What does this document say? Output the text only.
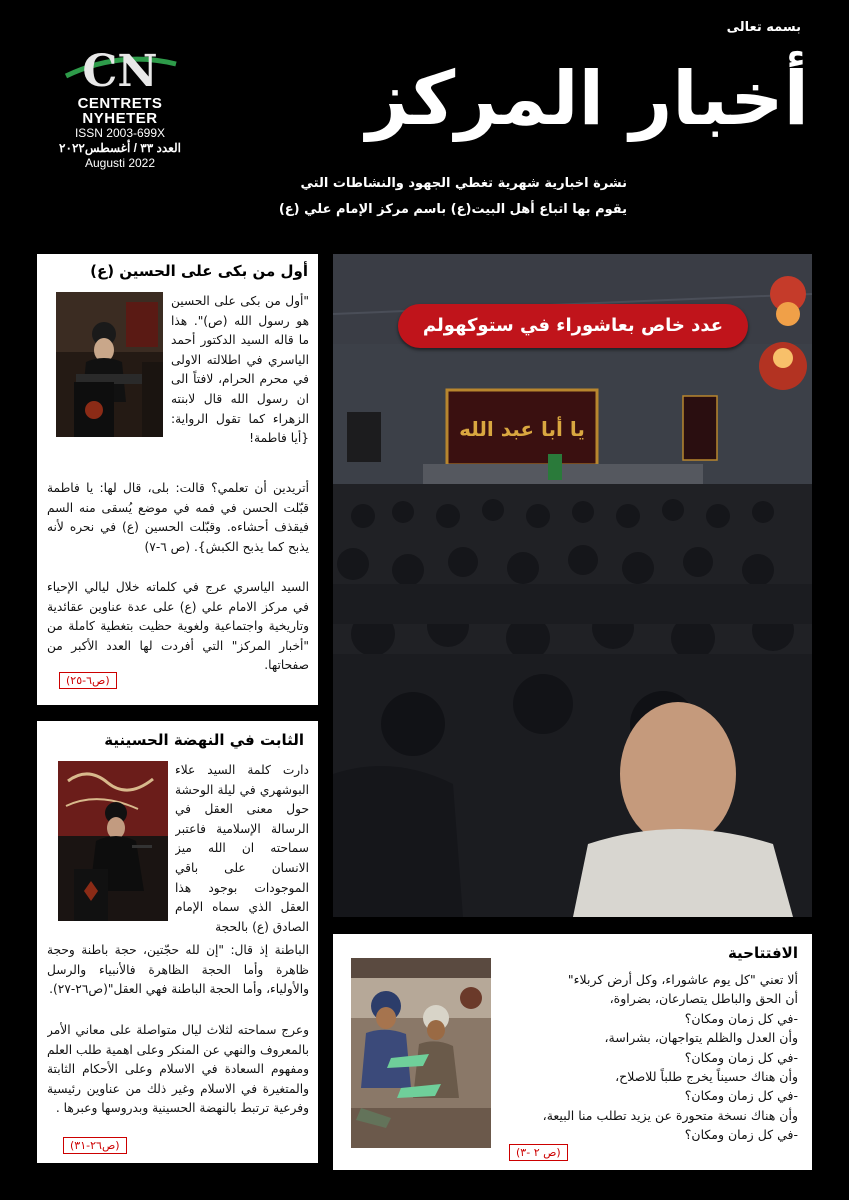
بسمه تعالى
CN
CENTRETS NYHETER
ISSN 2003-699X
العدد ٣٣ / أغسطس٢٠٢٢
Augusti 2022
أخبار المركز
نشرة اخبارية شهرية تغطي الجهود والنشاطات التي
يقوم بها اتباع أهل البيت(ع) باسم مركز الإمام علي (ع)
أول من بكى على الحسين (ع)
"أول من بكى على الحسين هو رسول الله (ص)". هذا ما قاله السيد الدكتور أحمد الياسري في اطلالته الاولى في محرم الحرام، لافتاً الى ان رسول الله قال لابنته الزهراء كما تقول الرواية: {أيا فاطمة!
أتريدين أن تعلمي؟ قالت: بلى، قال لها: يا فاطمة قبّلت الحسن في فمه في موضع يُسقى منه السم فيقذف أحشاءه. وقبّلت الحسين (ع) في نحره لأنه يذبح كما يذبح الكبش}. (ص ٦-٧)
السيد الياسري عرج في كلماته خلال ليالي الإحياء في مركز الامام علي (ع) على عدة عناوين عقائدية وتاريخية واجتماعية ولغوية حظيت بتغطية كاملة من "أخبار المركز" التي أفردت لها العدد الأكبر من صفحاتها.
(ص٦-٢٥)
الثابت في النهضة الحسينية
دارت كلمة السيد علاء البوشهري في ليلة الوحشة حول معنى العقل في الرسالة الإسلامية فاعتبر سماحته ان الله ميز الانسان على باقي الموجودات بوجود هذا العقل الذي سماه الإمام الصادق (ع) بالحجة
الباطنة إذ قال: "إن لله حجّتين، حجة باطنة وحجة ظاهرة وأما الحجة الظاهرة فالأنبياء والرسل والأولياء، وأما الحجة الباطنة فهي العقل"(ص٢٦-٢٧).
وعرج سماحته لثلاث ليال متواصلة على معاني الأمر بالمعروف والنهي عن المنكر وعلى اهمية طلب العلم ومفهوم السعادة في الاسلام وعلى الأحكام الثابتة والمتغيرة في الاسلام وغير ذلك من عناوين رئيسية وفرعية ترتبط بالنهضة الحسينية وبدروسها وعبرها .
(ص٢٦-٣١)
يا أبا عبد الله
عدد خاص بعاشوراء في ستوكهولم
الافتتاحية
ألا تعني "كل يوم عاشوراء، وكل أرض كربلاء"
أن الحق والباطل يتصارعان، بضراوة،
-في كل زمان ومكان؟
وأن العدل والظلم يتواجهان، بشراسة،
-في كل زمان ومكان؟
وأن هناك حسيناً يخرج طلباً للاصلاح،
-في كل زمان ومكان؟
وأن هناك نسخة متحورة عن يزيد تطلب منا البيعة،
-في كل زمان ومكان؟
(ص ٢ -٣)
